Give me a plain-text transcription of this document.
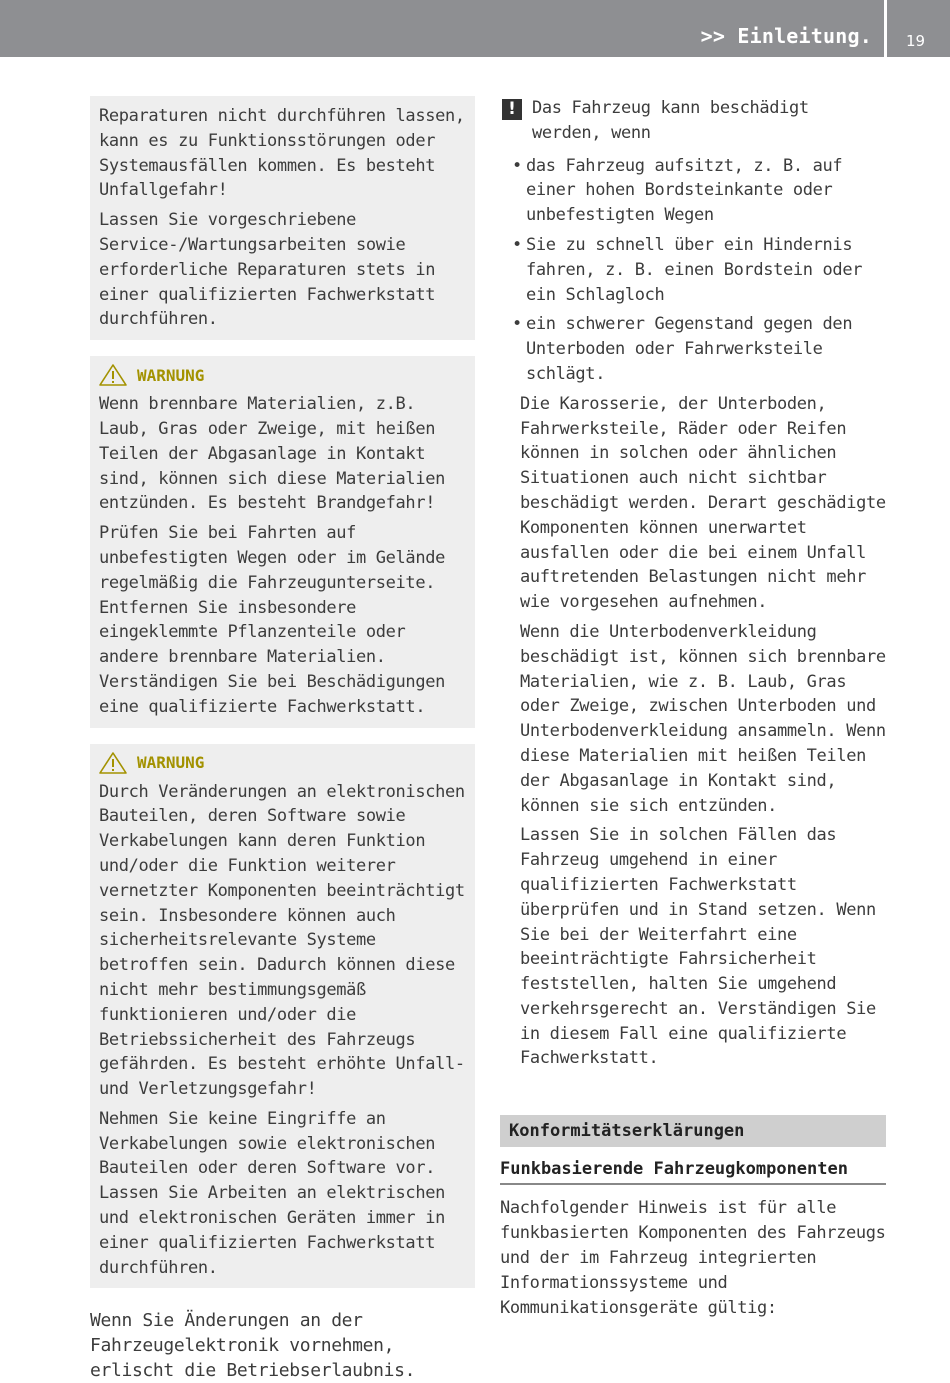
>> Einleitung. 19

Reparaturen nicht durchführen lassen, kann es zu Funktionsstörungen oder Systemausfällen kommen. Es besteht Unfallgefahr!

Lassen Sie vorgeschriebene Service-/Wartungsarbeiten sowie erforderliche Reparaturen stets in einer qualifizierten Fachwerkstatt durchführen.

WARNUNG

Wenn brennbare Materialien, z.B. Laub, Gras oder Zweige, mit heißen Teilen der Abgasanlage in Kontakt sind, können sich diese Materialien entzünden. Es besteht Brandgefahr!

Prüfen Sie bei Fahrten auf unbefestigten Wegen oder im Gelände regelmäßig die Fahrzeugunterseite. Entfernen Sie insbesondere eingeklemmte Pflanzenteile oder andere brennbare Materialien. Verständigen Sie bei Beschädigungen eine qualifizierte Fachwerkstatt.

WARNUNG

Durch Veränderungen an elektronischen Bauteilen, deren Software sowie Verkabelungen kann deren Funktion und/oder die Funktion weiterer vernetzter Komponenten beeinträchtigt sein. Insbesondere können auch sicherheitsrelevante Systeme betroffen sein. Dadurch können diese nicht mehr bestimmungsgemäß funktionieren und/oder die Betriebssicherheit des Fahrzeugs gefährden. Es besteht erhöhte Unfall- und Verletzungsgefahr!

Nehmen Sie keine Eingriffe an Verkabelungen sowie elektronischen Bauteilen oder deren Software vor. Lassen Sie Arbeiten an elektrischen und elektronischen Geräten immer in einer qualifizierten Fachwerkstatt durchführen.

Wenn Sie Änderungen an der Fahrzeugelektronik vornehmen, erlischt die Betriebserlaubnis.

! Das Fahrzeug kann beschädigt werden, wenn

• das Fahrzeug aufsitzt, z. B. auf einer hohen Bordsteinkante oder unbefestigten Wegen
• Sie zu schnell über ein Hindernis fahren, z. B. einen Bordstein oder ein Schlagloch
• ein schwerer Gegenstand gegen den Unterboden oder Fahrwerksteile schlägt.

Die Karosserie, der Unterboden, Fahrwerksteile, Räder oder Reifen können in solchen oder ähnlichen Situationen auch nicht sichtbar beschädigt werden. Derart geschädigte Komponenten können unerwartet ausfallen oder die bei einem Unfall auftretenden Belastungen nicht mehr wie vorgesehen aufnehmen.

Wenn die Unterbodenverkleidung beschädigt ist, können sich brennbare Materialien, wie z. B. Laub, Gras oder Zweige, zwischen Unterboden und Unterbodenverkleidung ansammeln. Wenn diese Materialien mit heißen Teilen der Abgasanlage in Kontakt sind, können sie sich entzünden.

Lassen Sie in solchen Fällen das Fahrzeug umgehend in einer qualifizierten Fachwerkstatt überprüfen und in Stand setzen. Wenn Sie bei der Weiterfahrt eine beeinträchtigte Fahrsicherheit feststellen, halten Sie umgehend verkehrsgerecht an. Verständigen Sie in diesem Fall eine qualifizierte Fachwerkstatt.

Konformitätserklärungen
Funkbasierende Fahrzeugkomponenten

Nachfolgender Hinweis ist für alle funkbasierten Komponenten des Fahrzeugs und der im Fahrzeug integrierten Informationssysteme und Kommunikationsgeräte gültig:
